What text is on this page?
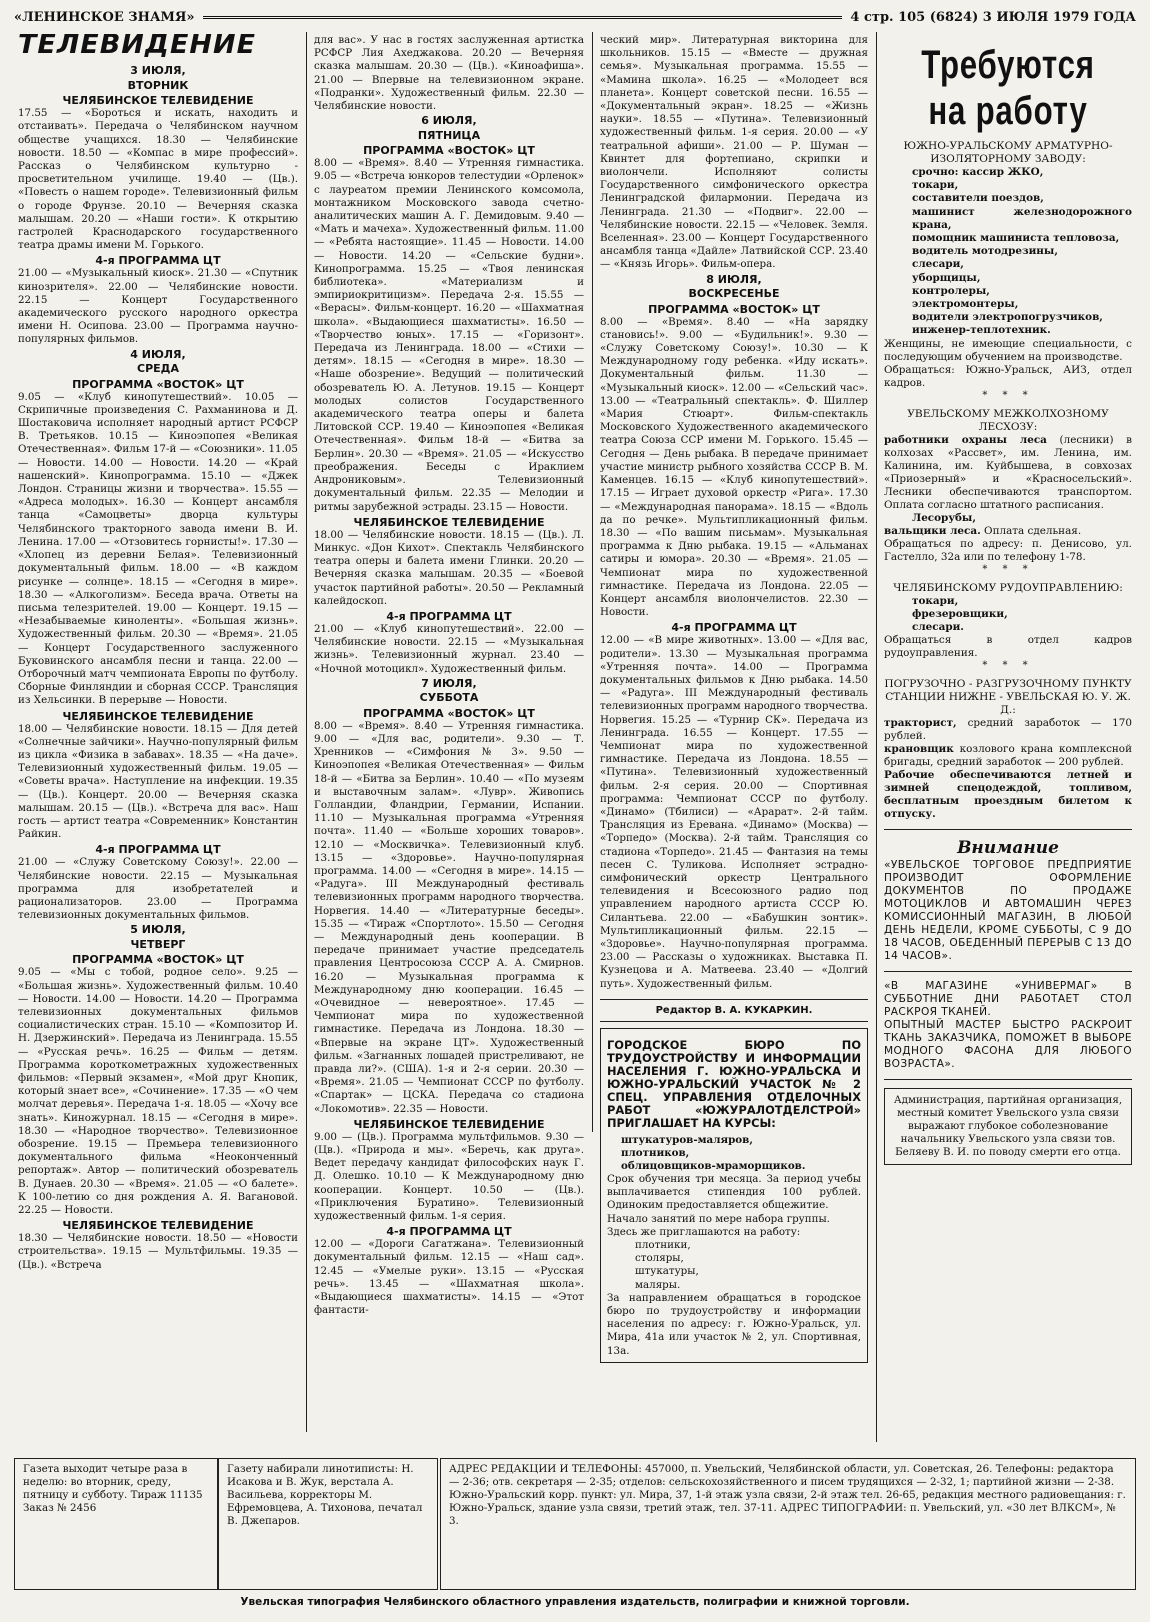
«ЛЕНИНСКОЕ ЗНАМЯ»	4 стр. 105 (6824) 3 ИЮЛЯ 1979 ГОДА
ТЕЛЕВИДЕНИЕ
3 ИЮЛЯ,
ВТОРНИК
ЧЕЛЯБИНСКОЕ ТЕЛЕВИДЕНИЕ

17.55 — «Бороться и искать, находить и отстаивать». Передача о Челябинском научном обществе учащихся. 18.30 — Челябинские новости. 18.50 — «Компас в мире профессий». Рассказ о Челябинском культурно - просветительном училище. 19.40 — (Цв.). «Повесть о нашем городе». Телевизионный фильм о городе Фрунзе. 20.10 — Вечерняя сказка малышам. 20.20 — «Наши гости». К открытию гастролей Краснодарского государственного театра драмы имени М. Горького.

4-я ПРОГРАММА ЦТ

21.00 — «Музыкальный киоск». 21.30 — «Спутник кинозрителя». 22.00 — Челябинские новости. 22.15 — Концерт Государственного академического русского народного оркестра имени Н. Осипова. 23.00 — Программа научно-популярных фильмов.

4 ИЮЛЯ,
СРЕДА
ПРОГРАММА «ВОСТОК» ЦТ

9.05 — «Клуб кинопутешествий». 10.05 — Скрипичные произведения С. Рахманинова и Д. Шостаковича исполняет народный артист РСФСР В. Третьяков. 10.15 — Киноэпопея «Великая Отечественная». Фильм 17-й — «Союзники». 11.05 — Новости. 14.00 — Новости. 14.20 — «Край нашенский». Кинопрограмма. 15.10 — «Джек Лондон. Страницы жизни и творчества». 15.55 — «Адреса молодых». 16.30 — Концерт ансамбля танца «Самоцветы» дворца культуры Челябинского тракторного завода имени В. И. Ленина. 17.00 — «Отзовитесь горнисты!». 17.30 — «Хлопец из деревни Белая». Телевизионный документальный фильм. 18.00 — «В каждом рисунке — солнце». 18.15 — «Сегодня в мире». 18.30 — «Алкоголизм». Беседа врача. Ответы на письма телезрителей. 19.00 — Концерт. 19.15 — «Незабываемые киноленты». «Большая жизнь». Художественный фильм. 20.30 — «Время». 21.05 — Концерт Государственного заслуженного Буковинского ансамбля песни и танца. 22.00 — Отборочный матч чемпионата Европы по футболу. Сборные Финляндии и сборная СССР. Трансляция из Хельсинки. В перерыве — Новости.

ЧЕЛЯБИНСКОЕ ТЕЛЕВИДЕНИЕ

18.00 — Челябинские новости. 18.15 — Для детей «Солнечные зайчики». Научно-популярный фильм из цикла «Физика в забавах». 18.35 — «На даче». Телевизионный художественный фильм. 19.05 — «Советы врача». Наступление на инфекции. 19.35 — (Цв.). Концерт. 20.00 — Вечерняя сказка малышам. 20.15 — (Цв.). «Встреча для вас». Наш гость — артист театра «Современник» Константин Райкин.

4-я ПРОГРАММА ЦТ

21.00 — «Служу Советскому Союзу!». 22.00 — Челябинские новости. 22.15 — Музыкальная программа для изобретателей и рационализаторов. 23.00 — Программа телевизионных документальных фильмов.

5 ИЮЛЯ,
ЧЕТВЕРГ
ПРОГРАММА «ВОСТОК» ЦТ

9.05 — «Мы с тобой, родное село». 9.25 — «Большая жизнь». Художественный фильм. 10.40 — Новости. 14.00 — Новости. 14.20 — Программа телевизионных документальных фильмов социалистических стран. 15.10 — «Композитор И. Н. Дзержинский». Передача из Ленинграда. 15.55 — «Русская речь». 16.25 — Фильм — детям. Программа короткометражных художественных фильмов: «Первый экзамен», «Мой друг Кнопик, который знает все», «Сочинение». 17.35 — «О чем молчат деревья». Передача 1-я. 18.05 — «Хочу все знать». Киножурнал. 18.15 — «Сегодня в мире». 18.30 — «Народное творчество». Телевизионное обозрение. 19.15 — Премьера телевизионного документального фильма «Неоконченный репортаж». Автор — политический обозреватель В. Дунаев. 20.30 — «Время». 21.05 — «О балете». К 100-летию со дня рождения А. Я. Вагановой. 22.25 — Новости.

ЧЕЛЯБИНСКОЕ ТЕЛЕВИДЕНИЕ

18.30 — Челябинские новости. 18.50 — «Новости строительства». 19.15 — Мультфильмы. 19.35 — (Цв.). «Встреча

для вас». У нас в гостях заслуженная артистка РСФСР Лия Ахеджакова. 20.20 — Вечерняя сказка малышам. 20.30 — (Цв.). «Кинoафиша». 21.00 — Впервые на телевизионном экране. «Подранки». Художественный фильм. 22.30 — Челябинские новости.

6 ИЮЛЯ,
ПЯТНИЦА
ПРОГРАММА «ВОСТОК» ЦТ

8.00 — «Время». 8.40 — Утренняя гимнастика. 9.05 — «Встреча юнкоров телестудии «Орленок» с лауреатом премии Ленинского комсомола, монтажником Московского завода счетно-аналитических машин А. Г. Демидовым. 9.40 — «Мать и мачеха». Художественный фильм. 11.00 — «Ребята настоящие». 11.45 — Новости. 14.00 — Новости. 14.20 — «Сельские будни». Кинопрограмма. 15.25 — «Твоя ленинская библиотека». «Материализм и эмпириокритицизм». Передача 2-я. 15.55 — «Верасы». Фильм-концерт. 16.20 — «Шахматная школа». «Выдающиеся шахматисты». 16.50 — «Творчество юных». 17.15 — «Горизонт». Передача из Ленинграда. 18.00 — «Стихи — детям». 18.15 — «Сегодня в мире». 18.30 — «Наше обозрение». Ведущий — политический обозреватель Ю. А. Летунов. 19.15 — Концерт молодых солистов Государственного академического театра оперы и балета Литовской ССР. 19.40 — Киноэпопея «Великая Отечественная». Фильм 18-й — «Битва за Берлин». 20.30 — «Время». 21.05 — «Искусство преображения. Беседы с Ираклием Андрониковым». Телевизионный документальный фильм. 22.35 — Мелодии и ритмы зарубежной эстрады. 23.15 — Новости.

ЧЕЛЯБИНСКОЕ ТЕЛЕВИДЕНИЕ

18.00 — Челябинские новости. 18.15 — (Цв.). Л. Минкус. «Дон Кихот». Спектакль Челябинского театра оперы и балета имени Глинки. 20.20 — Вечерняя сказка малышам. 20.35 — «Боевой участок партийной работы». 20.50 — Рекламный калейдоскоп.

4-я ПРОГРАММА ЦТ

21.00 — «Клуб кинопутешествий». 22.00 — Челябинские новости. 22.15 — «Музыкальная жизнь». Телевизионный журнал. 23.40 — «Ночной мотоцикл». Художественный фильм.

7 ИЮЛЯ,
СУББОТА
ПРОГРАММА «ВОСТОК» ЦТ

8.00 — «Время». 8.40 — Утренняя гимнастика. 9.00 — «Для вас, родители». 9.30 — Т. Хренников — «Симфония № 3». 9.50 — Киноэпопея «Великая Отечественная» — Фильм 18-й — «Битва за Берлин». 10.40 — «По музеям и выставочным залам». «Лувр». Живопись Голландии, Фландрии, Германии, Испании. 11.10 — Музыкальная программа «Утренняя почта». 11.40 — «Больше хороших товаров». 12.10 — «Москвичка». Телевизионный клуб. 13.15 — «Здоровье». Научно-популярная программа. 14.00 — «Сегодня в мире». 14.15 — «Радуга». III Международный фестиваль телевизионных программ народного творчества. Норвегия. 14.40 — «Литературные беседы». 15.35 — «Тираж «Спортлото». 15.50 — Сегодня — Международный день кооперации. В передаче принимает участие председатель правления Центросоюза СССР А. А. Смирнов. 16.20 — Музыкальная программа к Международному дню кооперации. 16.45 — «Очевидное — невероятное». 17.45 — Чемпионат мира по художественной гимнастике. Передача из Лондона. 18.30 — «Впервые на экране ЦТ». Художественный фильм. «Загнанных лошадей пристреливают, не правда ли?». (США). 1-я и 2-я серии. 20.30 — «Время». 21.05 — Чемпионат СССР по футболу. «Спартак» — ЦСКА. Передача со стадиона «Локомотив». 22.35 — Новости.

ЧЕЛЯБИНСКОЕ ТЕЛЕВИДЕНИЕ

9.00 — (Цв.). Программа мультфильмов. 9.30 — (Цв.). «Природа и мы». «Беречь, как друга». Ведет передачу кандидат философских наук Г. Д. Олешко. 10.10 — К Международному дню кооперации. Концерт. 10.50 — (Цв.). «Приключения Буратино». Телевизионный художественный фильм. 1-я серия.

4-я ПРОГРАММА ЦТ

12.00 — «Дороги Сагатжана». Телевизионный документальный фильм. 12.15 — «Наш сад». 12.45 — «Умелые руки». 13.15 — «Русская речь». 13.45 — «Шахматная школа». «Выдающиеся шахматисты». 14.15 — «Этот фантасти-

ческий мир». Литературная викторина для школьников. 15.15 — «Вместе — дружная семья». Музыкальная программа. 15.55 — «Мамина школа». 16.25 — «Молодеет вся планета». Концерт советской песни. 16.55 — «Документальный экран». 18.25 — «Жизнь науки». 18.55 — «Путина». Телевизионный художественный фильм. 1-я серия. 20.00 — «У театральной афиши». 21.00 — Р. Шуман — Квинтет для фортепиано, скрипки и виолончели. Исполняют солисты Государственного симфонического оркестра Ленинградской филармонии. Передача из Ленинграда. 21.30 — «Подвиг». 22.00 — Челябинские новости. 22.15 — «Человек. Земля. Вселенная». 23.00 — Концерт Государственного ансамбля танца «Дайле» Латвийской ССР. 23.40 — «Князь Игорь». Фильм-опера.

8 ИЮЛЯ,
ВОСКРЕСЕНЬЕ
ПРОГРАММА «ВОСТОК» ЦТ

8.00 — «Время». 8.40 — «На зарядку становись!». 9.00 — «Будильник!». 9.30 — «Служу Советскому Союзу!». 10.30 — К Международному году ребенка. «Иду искать». Документальный фильм. 11.30 — «Музыкальный киоск». 12.00 — «Сельский час». 13.00 — «Театральный спектакль». Ф. Шиллер «Мария Стюарт». Фильм-спектакль Московского Художественного академического театра Союза ССР имени М. Горького. 15.45 — Сегодня — День рыбака. В передаче принимает участие министр рыбного хозяйства СССР В. М. Каменцев. 16.15 — «Клуб кинопутешествий». 17.15 — Играет духовой оркестр «Рига». 17.30 — «Международная панорама». 18.15 — «Вдоль да по речке». Мультипликационный фильм. 18.30 — «По вашим письмам». Музыкальная программа к Дню рыбака. 19.15 — «Альманах сатиры и юмора». 20.30 — «Время». 21.05 — Чемпионат мира по художественной гимнастике. Передача из Лондона. 22.05 — Концерт ансамбля виолончелистов. 22.30 — Новости.

4-я ПРОГРАММА ЦТ

12.00 — «В мире животных». 13.00 — «Для вас, родители». 13.30 — Музыкальная программа «Утренняя почта». 14.00 — Программа документальных фильмов к Дню рыбака. 14.50 — «Радуга». III Международный фестиваль телевизионных программ народного творчества. Норвегия. 15.25 — «Турнир СК». Передача из Ленинграда. 16.55 — Концерт. 17.55 — Чемпионат мира по художественной гимнастике. Передача из Лондона. 18.55 — «Путина». Телевизионный художественный фильм. 2-я серия. 20.00 — Спортивная программа: Чемпионат СССР по футболу. «Динамо» (Тбилиси) — «Арарат». 2-й тайм. Трансляция из Еревана. «Динамо» (Москва) — «Торпедо» (Москва). 2-й тайм. Трансляция со стадиона «Торпедо». 21.45 — Фантазия на темы песен С. Туликова. Исполняет эстрадно-симфонический оркестр Центрального телевидения и Всесоюзного радио под управлением народного артиста СССР Ю. Силантьева. 22.00 — «Бабушкин зонтик». Мультипликационный фильм. 22.15 — «Здоровье». Научно-популярная программа. 23.00 — Рассказы о художниках. Выставка П. Кузнецова и А. Матвеева. 23.40 — «Долгий путь». Художественный фильм.

Редактор В. А. КУКАРКИН.
ГОРОДСКОЕ БЮРО ПО ТРУДОУСТРОЙСТВУ И ИНФОРМАЦИИ НАСЕЛЕНИЯ Г. ЮЖНО-УРАЛЬСКА И ЮЖНО-УРАЛЬСКИЙ УЧАСТОК № 2 СПЕЦ. УПРАВЛЕНИЯ ОТДЕЛОЧНЫХ РАБОТ «ЮЖУРАЛОТДЕЛСТРОЙ» ПРИГЛАШАЕТ НА КУРСЫ:
штукатуров-маляров,
плотников,
облицовщиков-мраморщиков.

Срок обучения три месяца. За период учебы выплачивается стипендия 100 рублей. Одиноким предоставляется общежитие.

Начало занятий по мере набора группы.

Здесь же приглашаются на работу:

плотники,
столяры,
штукатуры,
маляры.

За направлением обращаться в городское бюро по трудоустройству и информации населения по адресу: г. Южно-Уральск, ул. Мира, 41а или участок № 2, ул. Спортивная, 13а.

Требуются на работу
ЮЖНО-УРАЛЬСКОМУ АРМАТУРНО-ИЗОЛЯТОРНОМУ ЗАВОДУ:
срочно: кассир ЖКО,
токари,
составители поездов,
машинист железнодорожного крана,
помощник машиниста тепловоза,
водитель мотодрезины,
слесари,
уборщицы,
контролеры,
электромонтеры,
водители электропогрузчиков,
инженер-теплотехник.

Женщины, не имеющие специальности, с последующим обучением на производстве.

Обращаться: Южно-Уральск, АИЗ, отдел кадров.

* * *
УВЕЛЬСКОМУ МЕЖКОЛХОЗНОМУ ЛЕСХОЗУ:

работники охраны леса (лесники) в колхозах «Рассвет», им. Ленина, им. Калинина, им. Куйбышева, в совхозах «Приозерный» и «Красносельский». Лесники обеспечиваются транспортом. Оплата согласно штатного расписания.

Лесорубы,

вальщики леса. Оплата сдельная.

Обращаться по адресу: п. Денисово, ул. Гастелло, 32а или по телефону 1-78.

* * *
ЧЕЛЯБИНСКОМУ РУДОУПРАВЛЕНИЮ:
токари,
фрезеровщики,
слесари.

Обращаться в отдел кадров рудоуправления.

* * *
ПОГРУЗОЧНО - РАЗГРУЗОЧНОМУ ПУНКТУ СТАНЦИИ НИЖНЕ - УВЕЛЬСКАЯ Ю. У. Ж. Д.:

тракторист, средний заработок — 170 рублей.

крановщик козлового крана комплексной бригады, средний заработок — 200 рублей.

Рабочие обеспечиваются летней и зимней спецодеждой, топливом, бесплатным проездным билетом к отпуску.

Внимание
«УВЕЛЬСКОЕ ТОРГОВОЕ ПРЕДПРИЯТИЕ ПРОИЗВОДИТ ОФОРМЛЕНИЕ ДОКУМЕНТОВ ПО ПРОДАЖЕ МОТОЦИКЛОВ И АВТОМАШИН ЧЕРЕЗ КОМИССИОННЫЙ МАГАЗИН, В ЛЮБОЙ ДЕНЬ НЕДЕЛИ, КРОМЕ СУББОТЫ, С 9 ДО 18 ЧАСОВ, ОБЕДЕННЫЙ ПЕРЕРЫВ С 13 ДО 14 ЧАСОВ».
«В МАГАЗИНЕ «УНИВЕРМАГ» В СУББОТНИЕ ДНИ РАБОТАЕТ СТОЛ РАСКРОЯ ТКАНЕЙ.
ОПЫТНЫЙ МАСТЕР БЫСТРО РАСКРОИТ ТКАНЬ ЗАКАЗЧИКА, ПОМОЖЕТ В ВЫБОРЕ МОДНОГО ФАСОНА ДЛЯ ЛЮБОГО ВОЗРАСТА».
Администрация, партийная организация, местный комитет Увельского узла связи выражают глубокое соболезнование начальнику Увельского узла связи тов. Беляеву В. И. по поводу смерти его отца.
Газета выходит четыре раза в неделю: во вторник, среду, пятницу и субботу. Тираж 11135 Заказ № 2456
Газету набирали линотиписты: Н. Исакова и В. Жук, верстала А. Васильева, корректоры М. Ефремовцева, А. Тихонова, печатал В. Джепаров.
АДРЕС РЕДАКЦИИ И ТЕЛЕФОНЫ: 457000, п. Увельский, Челябинской области, ул. Советская, 26. Телефоны: редактора — 2-36; отв. секретаря — 2-35; отделов: сельскохозяйственного и писем трудящихся — 2-32, 1; партийной жизни — 2-38. Южно-Уральский корр. пункт: ул. Мира, 37, 1-й этаж узла связи, 2-й этаж тел. 26-65, редакция местного радиовещания: г. Южно-Уральск, здание узла связи, третий этаж, тел. 37-11. АДРЕС ТИПОГРАФИИ: п. Увельский, ул. «30 лет ВЛКСМ», № 3.
Увельская типография Челябинского областного управления издательств, полиграфии и книжной торговли.
